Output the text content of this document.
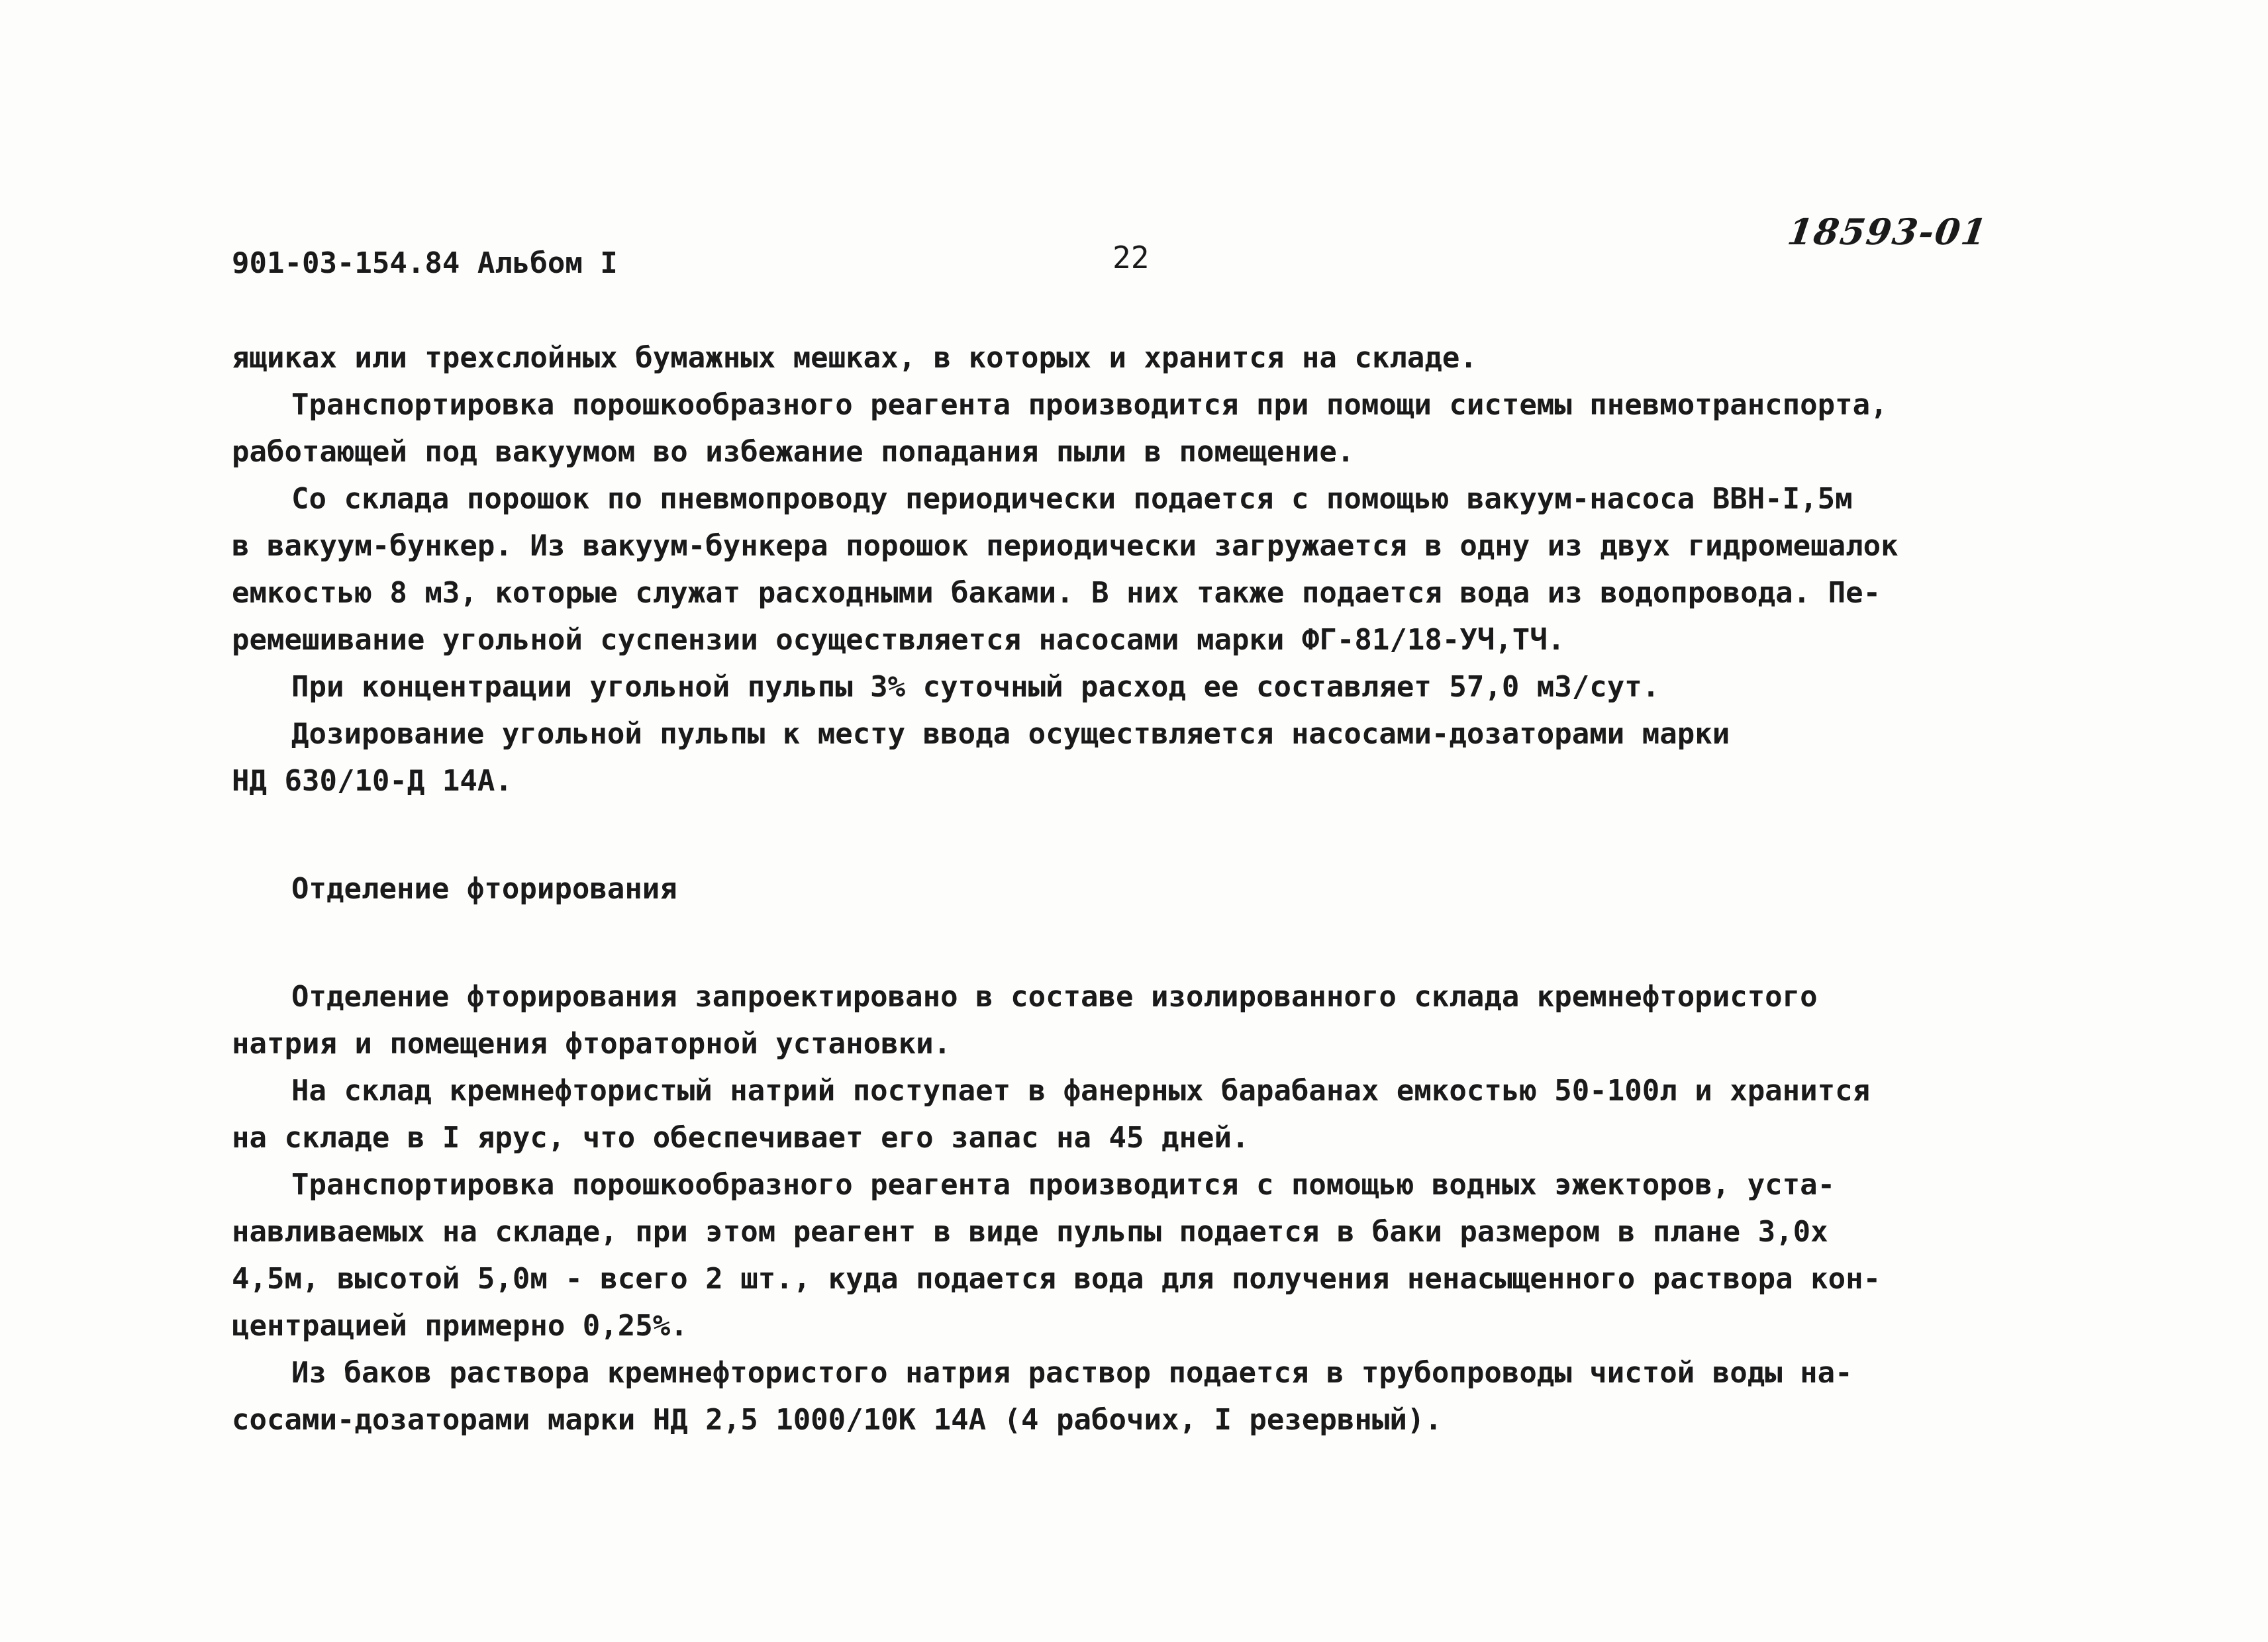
901-03-154.84 Альбом I	22
18593-01
ящиках или трехслойных бумажных мешках, в которых и хранится на складе.
Транспортировка порошкообразного реагента производится при помощи системы пневмотранспорта,
работающей под вакуумом во избежание попадания пыли в помещение.
Со склада порошок по пневмопроводу периодически подается с помощью вакуум-насоса ВВН-I,5м
в вакуум-бункер. Из вакуум-бункера порошок периодически загружается в одну из двух гидромешалок
емкостью 8 м3, которые служат расходными баками. В них также подается вода из водопровода. Пе-
ремешивание угольной суспензии осуществляется насосами марки ФГ-81/18-УЧ,ТЧ.
При концентрации угольной пульпы 3% суточный расход ее составляет 57,0 м3/сут.
Дозирование угольной пульпы к месту ввода осуществляется насосами-дозаторами марки
НД 630/10-Д 14А.
Отделение фторирования
Отделение фторирования запроектировано в составе изолированного склада кремнефтористого
натрия и помещения фтораторной установки.
На склад кремнефтористый натрий поступает в фанерных барабанах емкостью 50-100л и хранится
на складе в I ярус, что обеспечивает его запас на 45 дней.
Транспортировка порошкообразного реагента производится с помощью водных эжекторов, уста-
навливаемых на складе, при этом реагент в виде пульпы подается в баки размером в плане 3,0х
4,5м, высотой 5,0м - всего 2 шт., куда подается вода для получения ненасыщенного раствора кон-
центрацией примерно 0,25%.
Из баков раствора кремнефтористого натрия раствор подается в трубопроводы чистой воды на-
сосами-дозаторами марки НД 2,5 1000/10К 14А (4 рабочих, I резервный).
